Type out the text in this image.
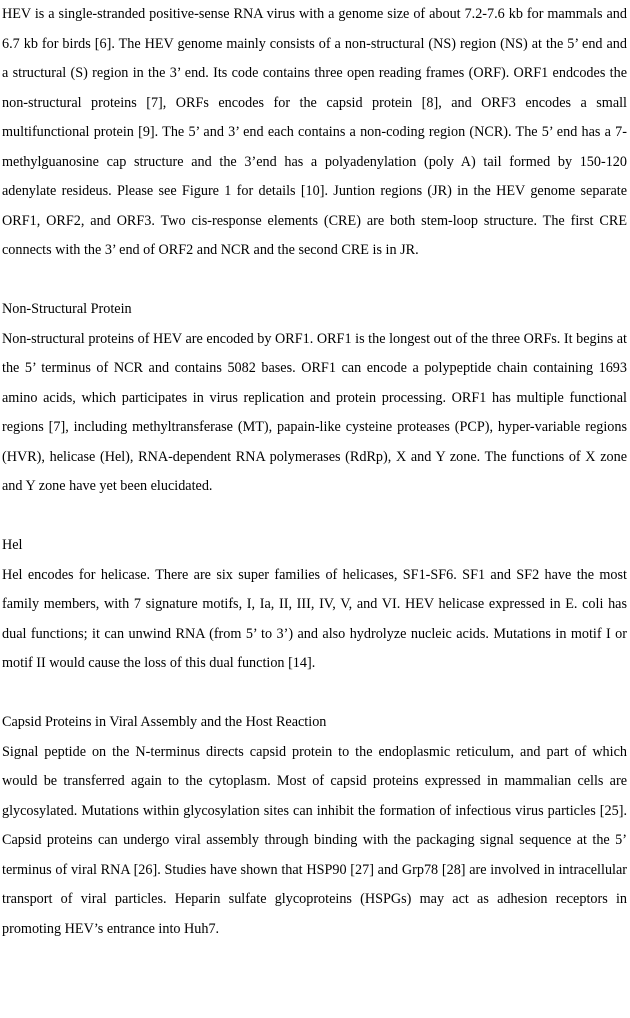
HEV is a single-stranded positive-sense RNA virus with a genome size of about 7.2-7.6 kb for mammals and 6.7 kb for birds [6]. The HEV genome mainly consists of a non-structural (NS) region (NS) at the 5’ end and a structural (S) region in the 3’ end. Its code contains three open reading frames (ORF). ORF1 endcodes the non-structural proteins [7], ORFs encodes for the capsid protein [8], and ORF3 encodes a small multifunctional protein [9]. The 5’ and 3’ end each contains a non-coding region (NCR). The 5’ end has a 7-methylguanosine cap structure and the 3’end has a polyadenylation (poly A) tail formed by 150-120 adenylate resideus. Please see Figure 1 for details [10]. Juntion regions (JR) in the HEV genome separate ORF1, ORF2, and ORF3. Two cis-response elements (CRE) are both stem-loop structure. The first CRE connects with the 3’ end of ORF2 and NCR and the second CRE is in JR.

Non-Structural Protein

Non-structural proteins of HEV are encoded by ORF1. ORF1 is the longest out of the three ORFs. It begins at the 5’ terminus of NCR and contains 5082 bases. ORF1 can encode a polypeptide chain containing 1693 amino acids, which participates in virus replication and protein processing. ORF1 has multiple functional regions [7], including methyltransferase (MT), papain-like cysteine proteases (PCP), hyper-variable regions (HVR), helicase (Hel), RNA-dependent RNA polymerases (RdRp), X and Y zone. The functions of X zone and Y zone have yet been elucidated.

Hel

Hel encodes for helicase. There are six super families of helicases, SF1-SF6. SF1 and SF2 have the most family members, with 7 signature motifs, I, Ia, II, III, IV, V, and VI. HEV helicase expressed in E. coli has dual functions; it can unwind RNA (from 5’ to 3’) and also hydrolyze nucleic acids. Mutations in motif I or motif II would cause the loss of this dual function [14].

Capsid Proteins in Viral Assembly and the Host Reaction

Signal peptide on the N-terminus directs capsid protein to the endoplasmic reticulum, and part of which would be transferred again to the cytoplasm. Most of capsid proteins expressed in mammalian cells are glycosylated. Mutations within glycosylation sites can inhibit the formation of infectious virus particles [25]. Capsid proteins can undergo viral assembly through binding with the packaging signal sequence at the 5’ terminus of viral RNA [26]. Studies have shown that HSP90 [27] and Grp78 [28] are involved in intracellular transport of viral particles. Heparin sulfate glycoproteins (HSPGs) may act as adhesion receptors in promoting HEV’s entrance into Huh7.
